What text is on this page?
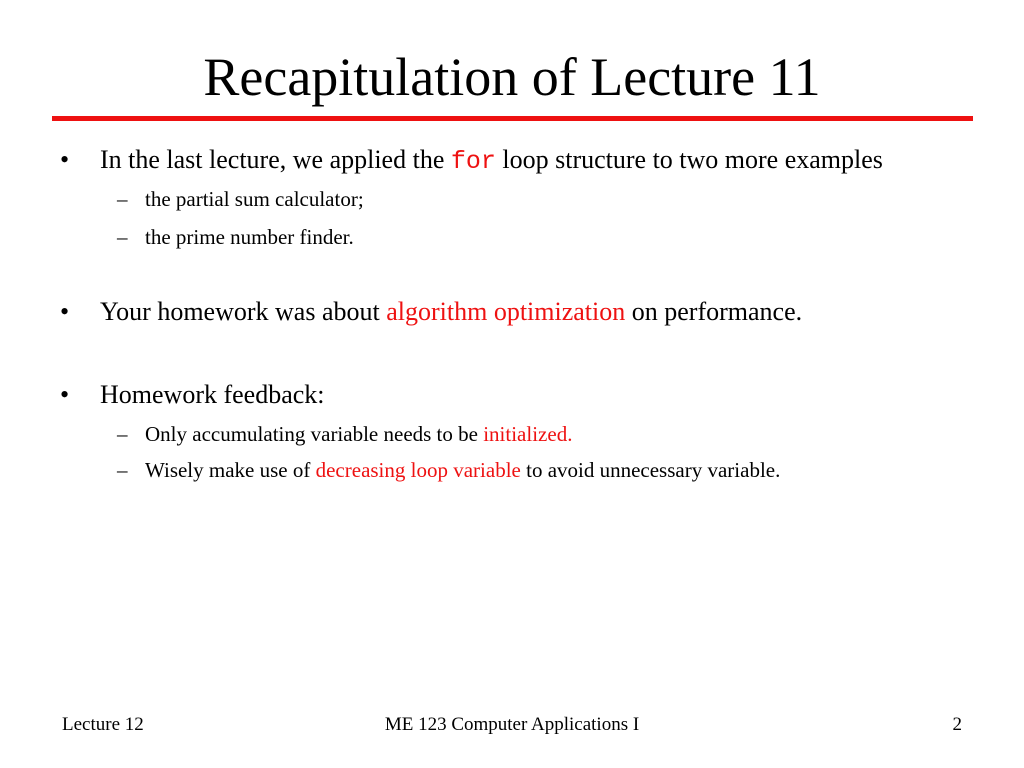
Recapitulation of Lecture 11
• In the last lecture, we applied the for loop structure to two more examples
– the partial sum calculator;
– the prime number finder.
• Your homework was about algorithm optimization on performance.
• Homework feedback:
– Only accumulating variable needs to be initialized.
– Wisely make use of decreasing loop variable to avoid unnecessary variable.
ME 123 Computer Applications I
Lecture 12	2
